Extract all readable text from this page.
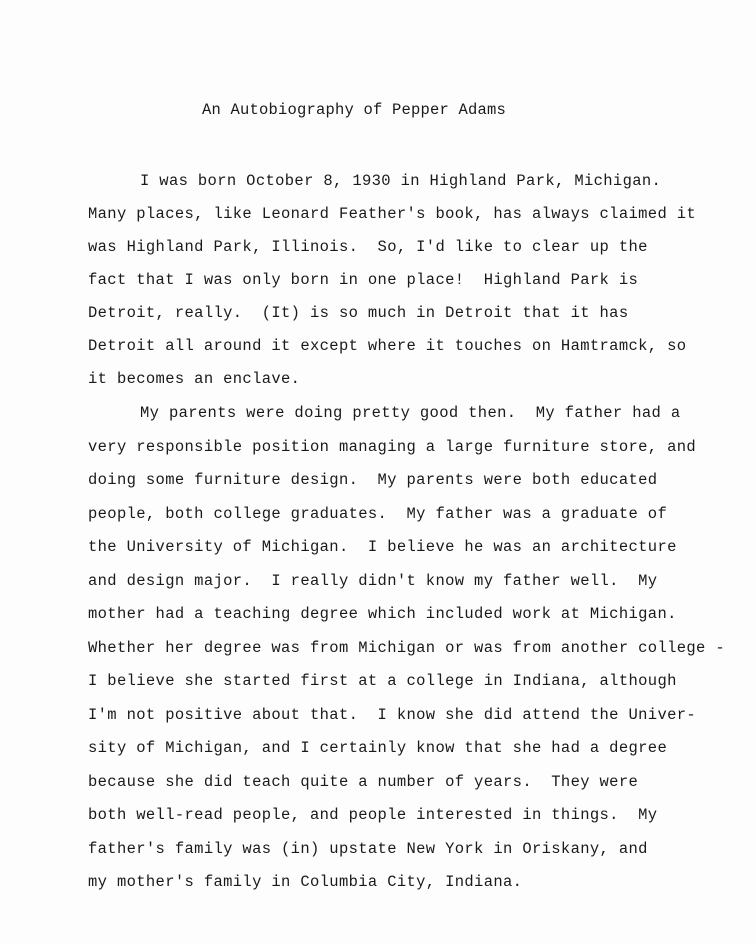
An Autobiography of Pepper Adams
I was born October 8, 1930 in Highland Park, Michigan.
Many places, like Leonard Feather's book, has always claimed it
was Highland Park, Illinois.  So, I'd like to clear up the
fact that I was only born in one place!  Highland Park is
Detroit, really.  (It) is so much in Detroit that it has
Detroit all around it except where it touches on Hamtramck, so
it becomes an enclave.
My parents were doing pretty good then.  My father had a
very responsible position managing a large furniture store, and
doing some furniture design.  My parents were both educated
people, both college graduates.  My father was a graduate of
the University of Michigan.  I believe he was an architecture
and design major.  I really didn't know my father well.  My
mother had a teaching degree which included work at Michigan.
Whether her degree was from Michigan or was from another college -
I believe she started first at a college in Indiana, although
I'm not positive about that.  I know she did attend the Univer-
sity of Michigan, and I certainly know that she had a degree
because she did teach quite a number of years.  They were
both well-read people, and people interested in things.  My
father's family was (in) upstate New York in Oriskany, and
my mother's family in Columbia City, Indiana.
